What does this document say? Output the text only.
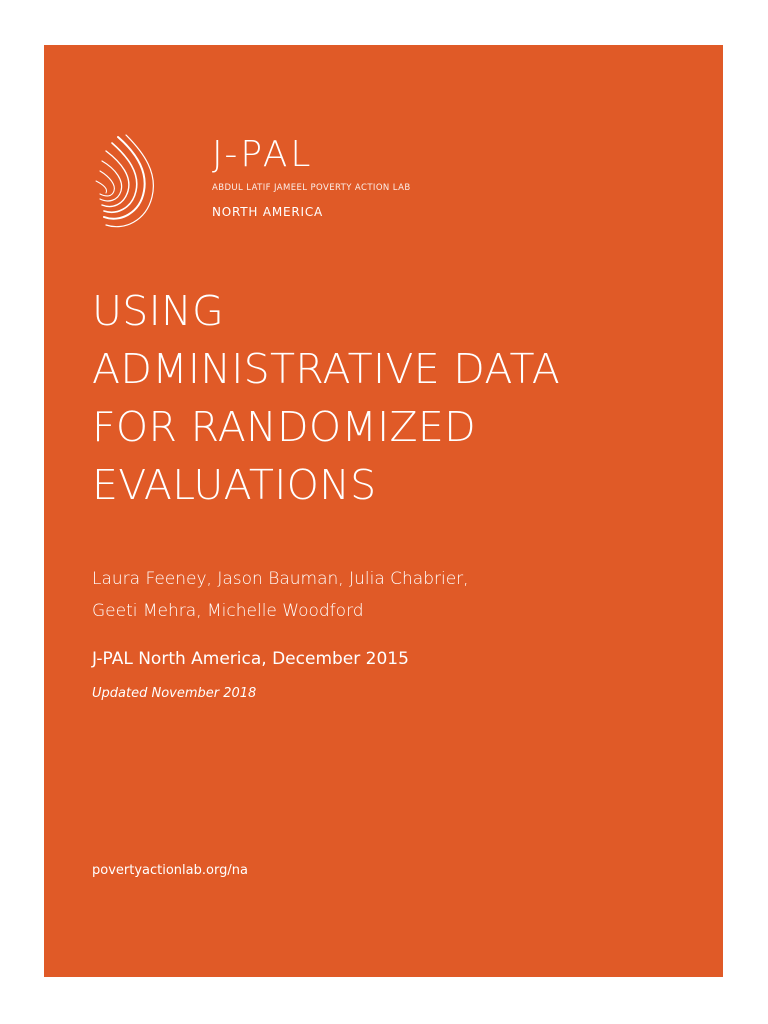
J-PAL
ABDUL LATIF JAMEEL POVERTY ACTION LAB
NORTH AMERICA
USING
ADMINISTRATIVE DATA
FOR RANDOMIZED
EVALUATIONS
Laura Feeney, Jason Bauman, Julia Chabrier,
Geeti Mehra, Michelle Woodford
J-PAL North America, December 2015
Updated November 2018
povertyactionlab.org/na
